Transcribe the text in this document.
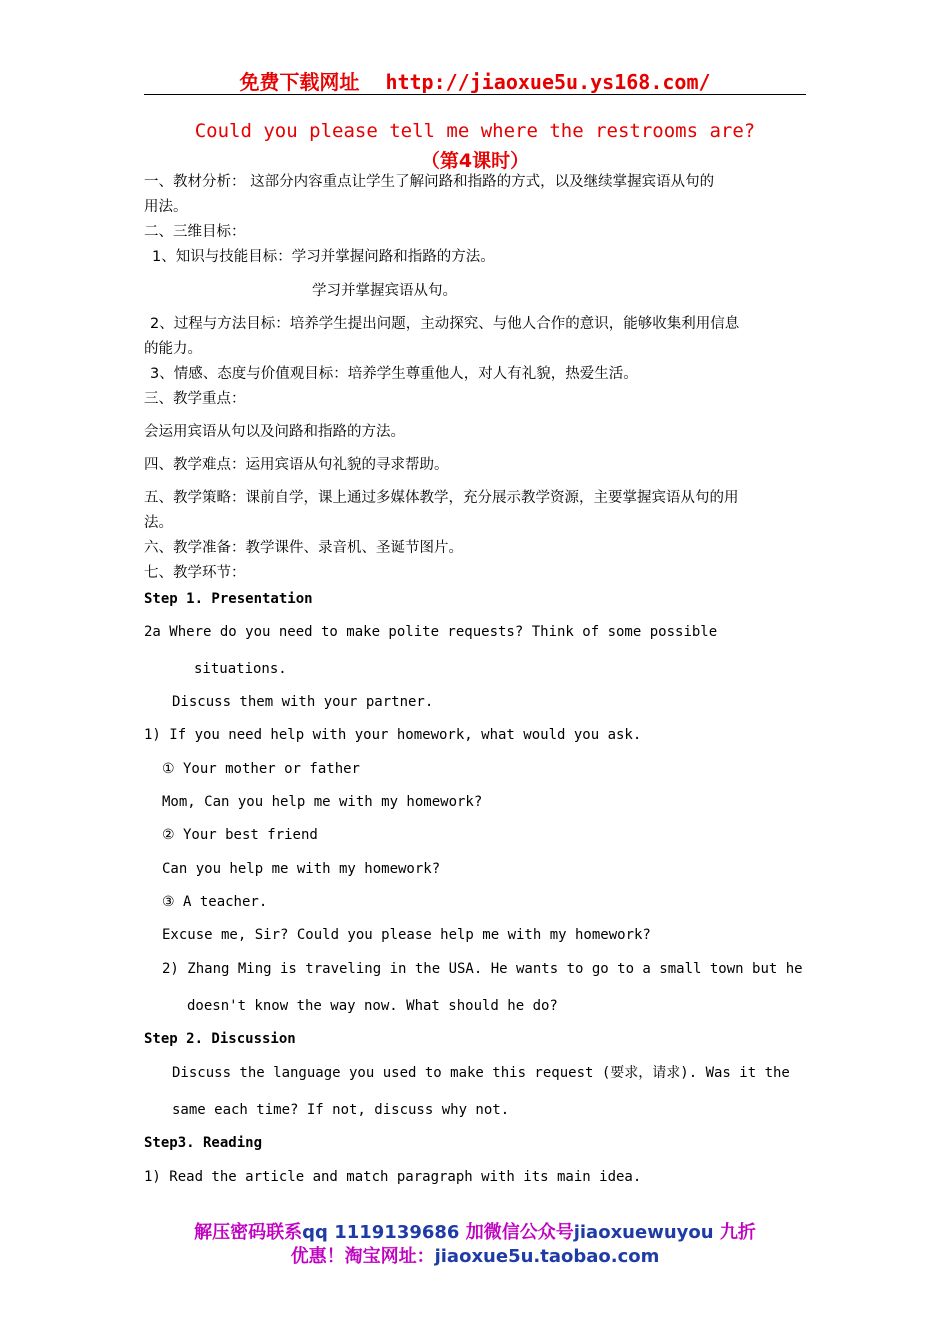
免费下载网址 http://jiaoxue5u.ys168.com/
Could you please tell me where the restrooms are?
（第4课时）
一、教材分析： 这部分内容重点让学生了解问路和指路的方式，以及继续掌握宾语从句的
用法。
二、三维目标：
1、知识与技能目标：学习并掌握问路和指路的方法。
学习并掌握宾语从句。
2、过程与方法目标：培养学生提出问题，主动探究、与他人合作的意识，能够收集利用信息
的能力。
3、情感、态度与价值观目标：培养学生尊重他人，对人有礼貌，热爱生活。
三、教学重点：
会运用宾语从句以及问路和指路的方法。
四、教学难点：运用宾语从句礼貌的寻求帮助。
五、教学策略：课前自学，课上通过多媒体教学，充分展示教学资源，主要掌握宾语从句的用
法。
六、教学准备：教学课件、录音机、圣诞节图片。
七、教学环节：
Step 1. Presentation
2a Where do you need to make polite requests? Think of some possible
situations.
Discuss them with your partner.
1) If you need help with your homework, what would you ask.
① Your mother or father
Mom, Can you help me with my homework?
② Your best friend
Can you help me with my homework?
③ A teacher.
Excuse me, Sir? Could you please help me with my homework?
2) Zhang Ming is traveling in the USA. He wants to go to a small town but he
doesn't know the way now. What should he do?
Step 2. Discussion
Discuss the language you used to make this request (要求，请求). Was it the
same each time? If not, discuss why not.
Step3. Reading
1) Read the article and match paragraph with its main idea.
解压密码联系qq 1119139686 加微信公众号jiaoxuewuyou 九折
优惠！淘宝网址：jiaoxue5u.taobao.com
